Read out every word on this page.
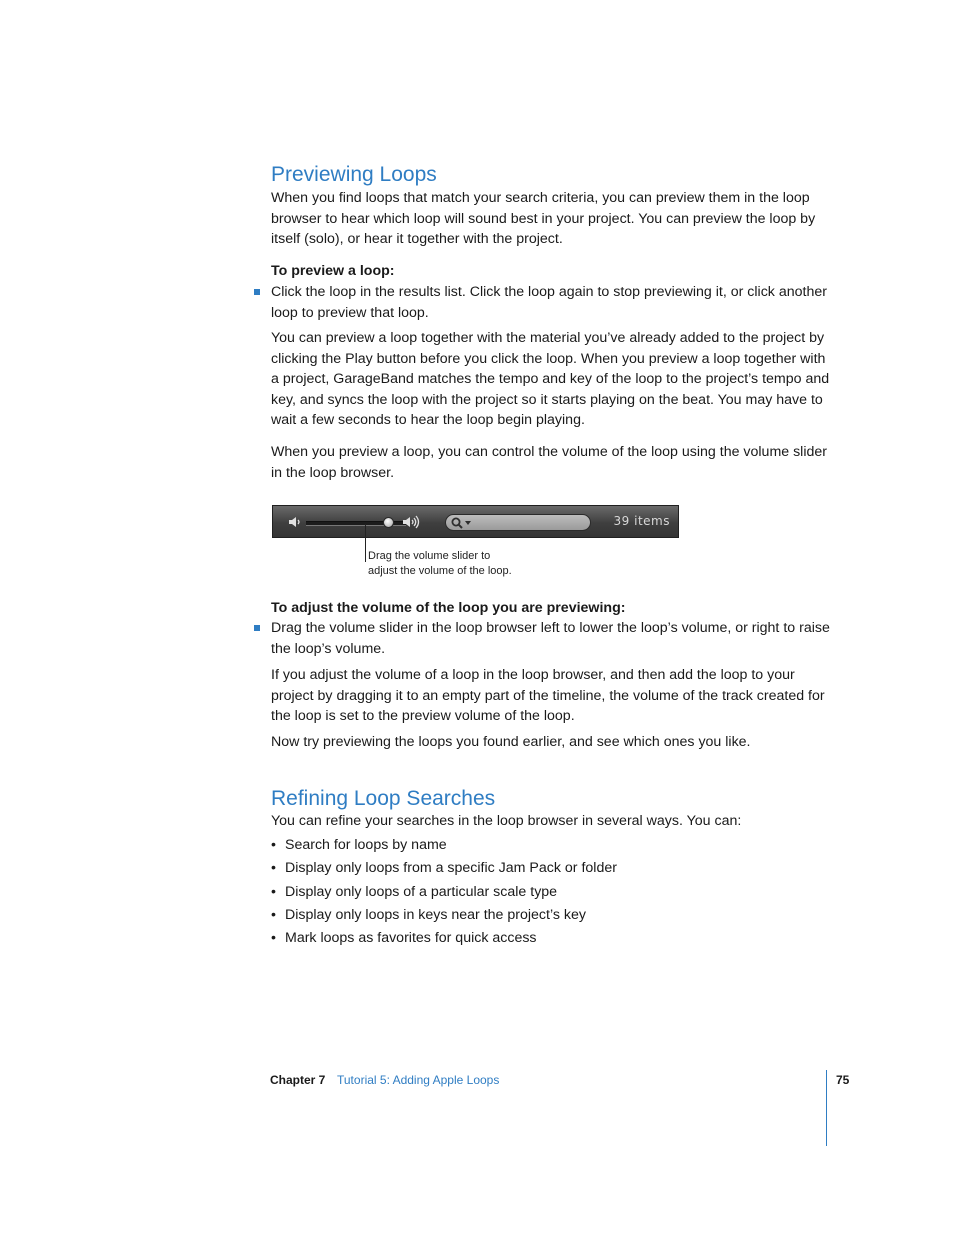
Previewing Loops
When you find loops that match your search criteria, you can preview them in the loop browser to hear which loop will sound best in your project. You can preview the loop by itself (solo), or hear it together with the project.
To preview a loop:
Click the loop in the results list. Click the loop again to stop previewing it, or click another loop to preview that loop.
You can preview a loop together with the material you’ve already added to the project by clicking the Play button before you click the loop. When you preview a loop together with a project, GarageBand matches the tempo and key of the loop to the project’s tempo and key, and syncs the loop with the project so it starts playing on the beat. You may have to wait a few seconds to hear the loop begin playing.
When you preview a loop, you can control the volume of the loop using the volume slider in the loop browser.
39 items
Drag the volume slider to
adjust the volume of the loop.
To adjust the volume of the loop you are previewing:
Drag the volume slider in the loop browser left to lower the loop’s volume, or right to raise the loop’s volume.
If you adjust the volume of a loop in the loop browser, and then add the loop to your project by dragging it to an empty part of the timeline, the volume of the track created for the loop is set to the preview volume of the loop.
Now try previewing the loops you found earlier, and see which ones you like.
Refining Loop Searches
You can refine your searches in the loop browser in several ways. You can:
• Search for loops by name
• Display only loops from a specific Jam Pack or folder
• Display only loops of a particular scale type
• Display only loops in keys near the project’s key
• Mark loops as favorites for quick access
Chapter 7 Tutorial 5: Adding Apple Loops	75
